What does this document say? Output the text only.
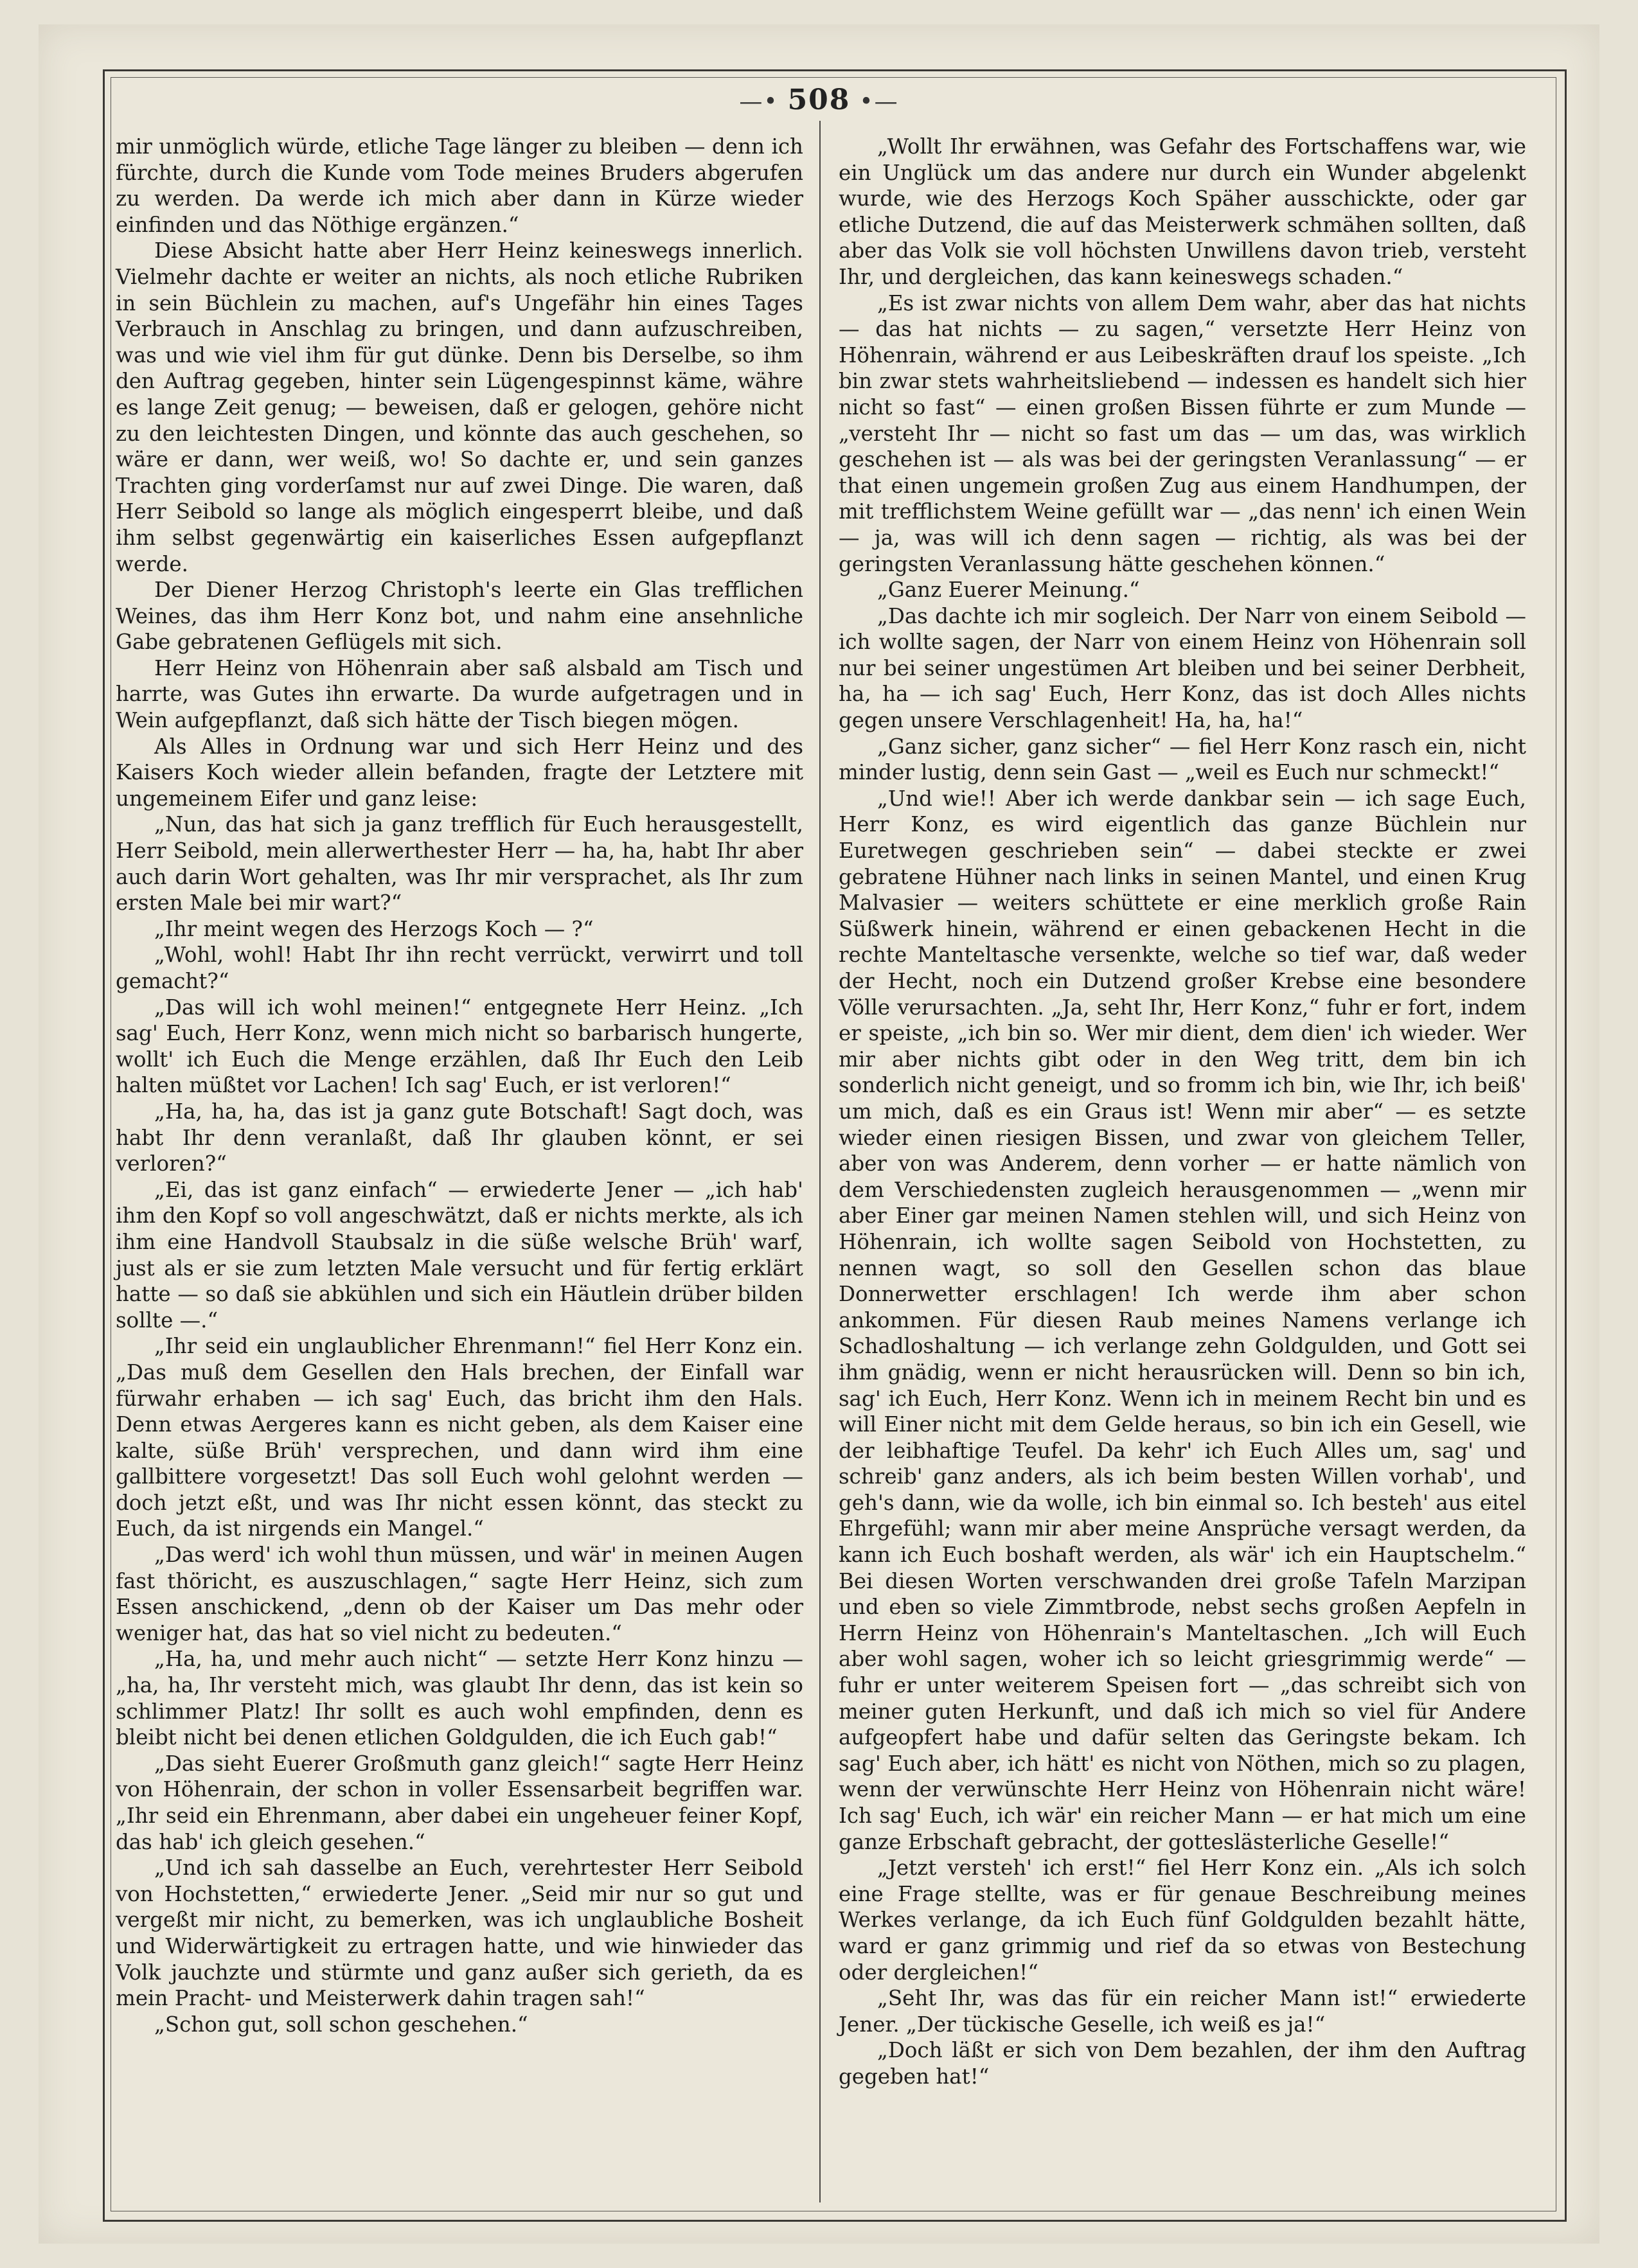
—• 508 •—

mir unmöglich würde, etliche Tage länger zu bleiben — denn ich fürchte, durch die Kunde vom Tode meines Bruders abgerufen zu werden. Da werde ich mich aber dann in Kürze wieder einfinden und das Nöthige ergänzen.“

Diese Absicht hatte aber Herr Heinz keineswegs innerlich. Vielmehr dachte er weiter an nichts, als noch etliche Rubriken in sein Büchlein zu machen, auf's Ungefähr hin eines Tages Verbrauch in Anschlag zu bringen, und dann aufzuschreiben, was und wie viel ihm für gut dünke. Denn bis Derselbe, so ihm den Auftrag gegeben, hinter sein Lügengespinnst käme, währe es lange Zeit genug; — beweisen, daß er gelogen, gehöre nicht zu den leichtesten Dingen, und könnte das auch geschehen, so wäre er dann, wer weiß, wo! So dachte er, und sein ganzes Trachten ging vorderſamst nur auf zwei Dinge. Die waren, daß Herr Seibold so lange als möglich eingesperrt bleibe, und daß ihm selbst gegenwärtig ein kaiserliches Essen aufgepflanzt werde.

Der Diener Herzog Christoph's leerte ein Glas trefflichen Weines, das ihm Herr Konz bot, und nahm eine ansehnliche Gabe gebratenen Geflügels mit sich.

Herr Heinz von Höhenrain aber saß alsbald am Tisch und harrte, was Gutes ihn erwarte. Da wurde aufgetragen und in Wein aufgepflanzt, daß sich hätte der Tisch biegen mögen.

Als Alles in Ordnung war und sich Herr Heinz und des Kaisers Koch wieder allein befanden, fragte der Letztere mit ungemeinem Eifer und ganz leise:

„Nun, das hat sich ja ganz trefflich für Euch herausgestellt, Herr Seibold, mein allerwerthester Herr — ha, ha, habt Ihr aber auch darin Wort gehalten, was Ihr mir versprachet, als Ihr zum ersten Male bei mir wart?“

„Ihr meint wegen des Herzogs Koch — ?“

„Wohl, wohl! Habt Ihr ihn recht verrückt, verwirrt und toll gemacht?“

„Das will ich wohl meinen!“ entgegnete Herr Heinz. „Ich sag' Euch, Herr Konz, wenn mich nicht so barbarisch hungerte, wollt' ich Euch die Menge erzählen, daß Ihr Euch den Leib halten müßtet vor Lachen! Ich sag' Euch, er ist verloren!“

„Ha, ha, ha, das ist ja ganz gute Botschaft! Sagt doch, was habt Ihr denn veranlaßt, daß Ihr glauben könnt, er sei verloren?“

„Ei, das ist ganz einfach“ — erwiederte Jener — „ich hab' ihm den Kopf so voll angeschwätzt, daß er nichts merkte, als ich ihm eine Handvoll Staubsalz in die süße welsche Brüh' warf, just als er sie zum letzten Male versucht und für fertig erklärt hatte — so daß sie abkühlen und sich ein Häutlein drüber bilden sollte —.“

„Ihr seid ein unglaublicher Ehrenmann!“ fiel Herr Konz ein. „Das muß dem Gesellen den Hals brechen, der Einfall war fürwahr erhaben — ich sag' Euch, das bricht ihm den Hals. Denn etwas Aergeres kann es nicht geben, als dem Kaiser eine kalte, süße Brüh' versprechen, und dann wird ihm eine gallbittere vorgesetzt! Das soll Euch wohl gelohnt werden — doch jetzt eßt, und was Ihr nicht essen könnt, das steckt zu Euch, da ist nirgends ein Mangel.“

„Das werd' ich wohl thun müssen, und wär' in meinen Augen fast thöricht, es auszuschlagen,“ sagte Herr Heinz, sich zum Essen anschickend, „denn ob der Kaiser um Das mehr oder weniger hat, das hat so viel nicht zu bedeuten.“

„Ha, ha, und mehr auch nicht“ — setzte Herr Konz hinzu — „ha, ha, Ihr versteht mich, was glaubt Ihr denn, das ist kein so schlimmer Platz! Ihr sollt es auch wohl empfinden, denn es bleibt nicht bei denen etlichen Goldgulden, die ich Euch gab!“

„Das sieht Euerer Großmuth ganz gleich!“ sagte Herr Heinz von Höhenrain, der schon in voller Essensarbeit begriffen war. „Ihr seid ein Ehrenmann, aber dabei ein ungeheuer feiner Kopf, das hab' ich gleich gesehen.“

„Und ich sah dasselbe an Euch, verehrtester Herr Seibold von Hochstetten,“ erwiederte Jener. „Seid mir nur so gut und vergeßt mir nicht, zu bemerken, was ich unglaubliche Bosheit und Widerwärtigkeit zu ertragen hatte, und wie hinwieder das Volk jauchzte und stürmte und ganz außer sich gerieth, da es mein Pracht- und Meisterwerk dahin tragen sah!“

„Schon gut, soll schon geschehen.“

„Wollt Ihr erwähnen, was Gefahr des Fortschaffens war, wie ein Unglück um das andere nur durch ein Wunder abgelenkt wurde, wie des Herzogs Koch Späher ausschickte, oder gar etliche Dutzend, die auf das Meisterwerk schmähen sollten, daß aber das Volk sie voll höchsten Unwillens davon trieb, versteht Ihr, und dergleichen, das kann keineswegs schaden.“

„Es ist zwar nichts von allem Dem wahr, aber das hat nichts — das hat nichts — zu sagen,“ versetzte Herr Heinz von Höhenrain, während er aus Leibeskräften drauf los speiste. „Ich bin zwar stets wahrheitsliebend — indessen es handelt sich hier nicht so fast“ — einen großen Bissen führte er zum Munde — „versteht Ihr — nicht so fast um das — um das, was wirklich geschehen ist — als was bei der geringsten Veranlassung“ — er that einen ungemein großen Zug aus einem Handhumpen, der mit trefflichstem Weine gefüllt war — „das nenn' ich einen Wein — ja, was will ich denn sagen — richtig, als was bei der geringsten Veranlassung hätte geschehen können.“

„Ganz Euerer Meinung.“

„Das dachte ich mir sogleich. Der Narr von einem Seibold — ich wollte sagen, der Narr von einem Heinz von Höhenrain soll nur bei seiner ungestümen Art bleiben und bei seiner Derbheit, ha, ha — ich sag' Euch, Herr Konz, das ist doch Alles nichts gegen unsere Verschlagenheit! Ha, ha, ha!“

„Ganz sicher, ganz sicher“ — fiel Herr Konz rasch ein, nicht minder lustig, denn sein Gast — „weil es Euch nur schmeckt!“

„Und wie!! Aber ich werde dankbar sein — ich sage Euch, Herr Konz, es wird eigentlich das ganze Büchlein nur Euretwegen geschrieben sein“ — dabei steckte er zwei gebratene Hühner nach links in seinen Mantel, und einen Krug Malvasier — weiters schüttete er eine merklich große Rain Süßwerk hinein, während er einen gebackenen Hecht in die rechte Manteltasche versenkte, welche so tief war, daß weder der Hecht, noch ein Dutzend großer Krebse eine besondere Völle verursachten. „Ja, seht Ihr, Herr Konz,“ fuhr er fort, indem er speiste, „ich bin so. Wer mir dient, dem dien' ich wieder. Wer mir aber nichts gibt oder in den Weg tritt, dem bin ich sonderlich nicht geneigt, und so fromm ich bin, wie Ihr, ich beiß' um mich, daß es ein Graus ist! Wenn mir aber“ — es setzte wieder einen riesigen Bissen, und zwar von gleichem Teller, aber von was Anderem, denn vorher — er hatte nämlich von dem Verschiedensten zugleich herausgenommen — „wenn mir aber Einer gar meinen Namen stehlen will, und sich Heinz von Höhenrain, ich wollte sagen Seibold von Hochstetten, zu nennen wagt, so soll den Gesellen schon das blaue Donnerwetter erschlagen! Ich werde ihm aber schon ankommen. Für diesen Raub meines Namens verlange ich Schadloshaltung — ich verlange zehn Goldgulden, und Gott sei ihm gnädig, wenn er nicht herausrücken will. Denn so bin ich, sag' ich Euch, Herr Konz. Wenn ich in meinem Recht bin und es will Einer nicht mit dem Gelde heraus, so bin ich ein Gesell, wie der leibhaftige Teufel. Da kehr' ich Euch Alles um, sag' und schreib' ganz anders, als ich beim besten Willen vorhab', und geh's dann, wie da wolle, ich bin einmal so. Ich besteh' aus eitel Ehrgefühl; wann mir aber meine Ansprüche versagt werden, da kann ich Euch boshaft werden, als wär' ich ein Hauptschelm.“ Bei diesen Worten verschwanden drei große Tafeln Marzipan und eben so viele Zimmtbrode, nebst sechs großen Aepfeln in Herrn Heinz von Höhenrain's Manteltaschen. „Ich will Euch aber wohl sagen, woher ich so leicht griesgrimmig werde“ — fuhr er unter weiterem Speisen fort — „das schreibt sich von meiner guten Herkunft, und daß ich mich so viel für Andere aufgeopfert habe und dafür selten das Geringste bekam. Ich sag' Euch aber, ich hätt' es nicht von Nöthen, mich so zu plagen, wenn der verwünschte Herr Heinz von Höhenrain nicht wäre! Ich sag' Euch, ich wär' ein reicher Mann — er hat mich um eine ganze Erbschaft gebracht, der gotteslästerliche Geselle!“

„Jetzt versteh' ich erst!“ fiel Herr Konz ein. „Als ich solch eine Frage stellte, was er für genaue Beschreibung meines Werkes verlange, da ich Euch fünf Goldgulden bezahlt hätte, ward er ganz grimmig und rief da so etwas von Bestechung oder dergleichen!“

„Seht Ihr, was das für ein reicher Mann ist!“ erwiederte Jener. „Der tückische Geselle, ich weiß es ja!“

„Doch läßt er sich von Dem bezahlen, der ihm den Auftrag gegeben hat!“
